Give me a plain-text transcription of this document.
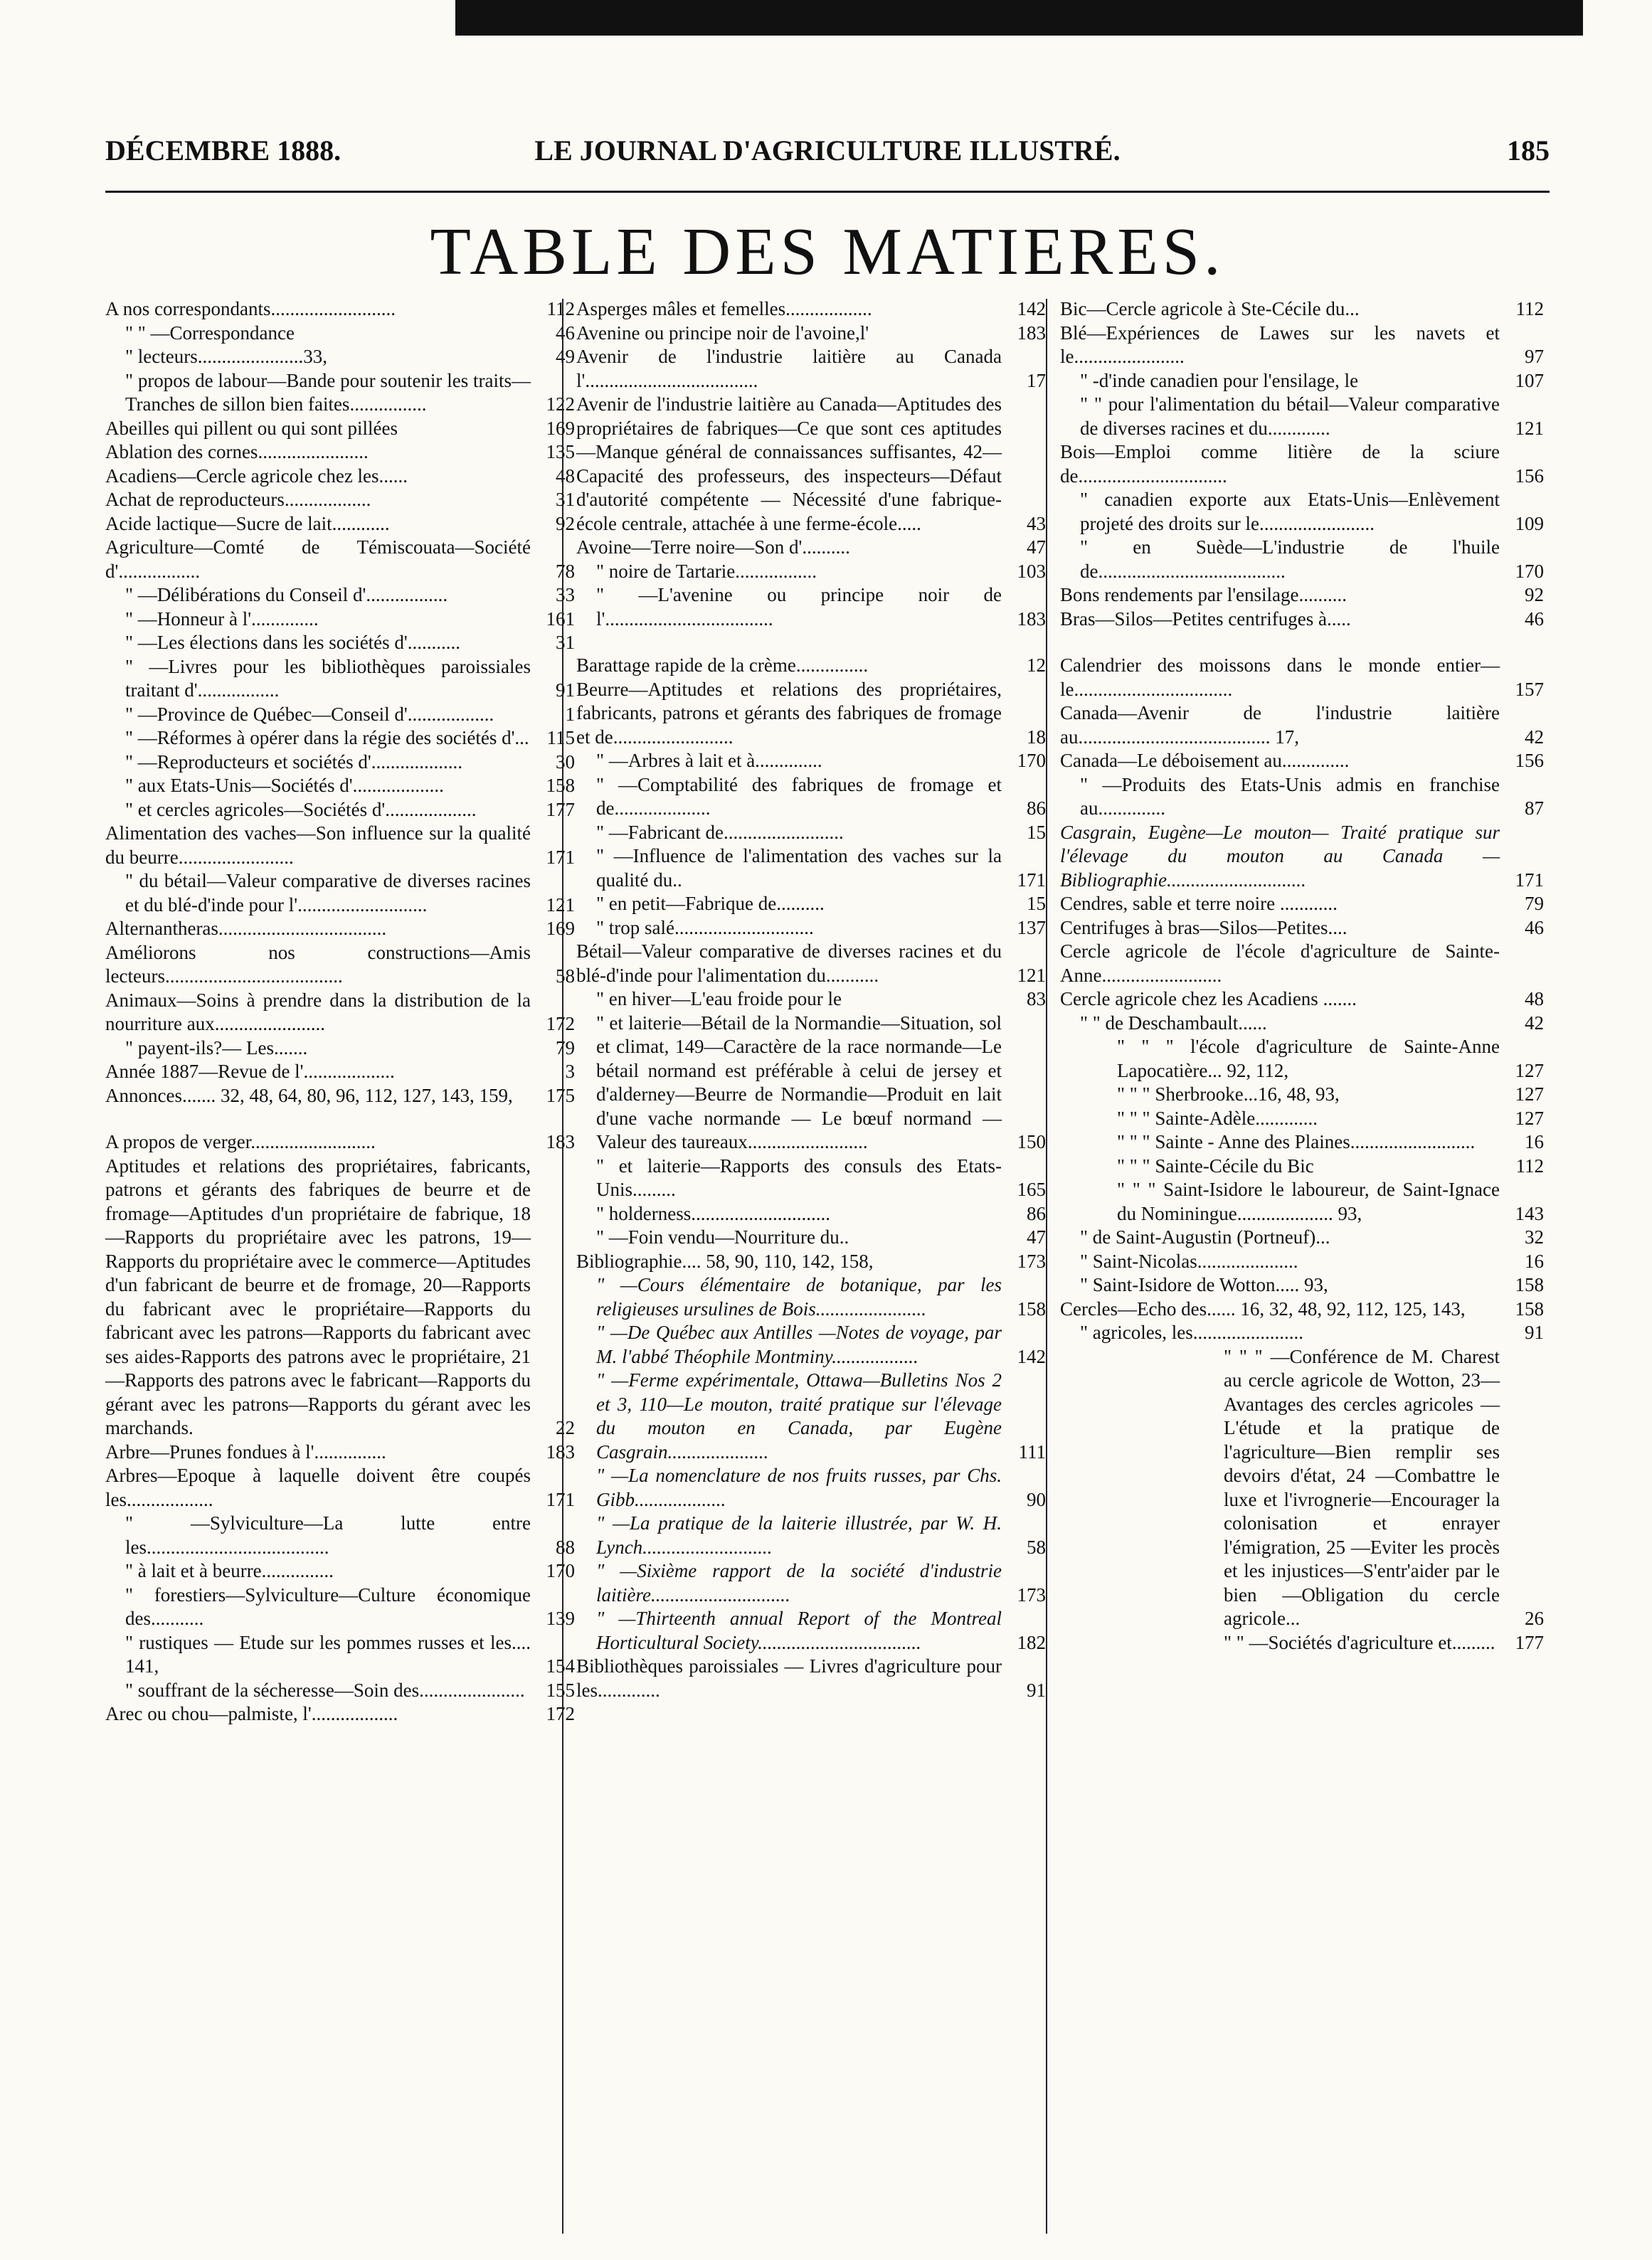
DÉCEMBRE 1888.	LE JOURNAL D'AGRICULTURE ILLUSTRÉ.	185
TABLE DES MATIERES.

A nos correspondants..........................	112

" " —Correspondance	46

" lecteurs......................33,	49

" propos de labour—Bande pour soutenir les traits—Tranches de sillon bien faites................	122

Abeilles qui pillent ou qui sont pillées	169

Ablation des cornes.......................	135

Acadiens—Cercle agricole chez les......	48

Achat de reproducteurs..................	31

Acide lactique—Sucre de lait............	92

Agriculture—Comté de Témiscouata—Société d'.................	78

" —Délibérations du Conseil d'.................	33

" —Honneur à l'..............	161

" —Les élections dans les sociétés d'...........	31

" —Livres pour les bibliothèques paroissiales traitant d'.................	91

" —Province de Québec—Conseil d'..................	1

" —Réformes à opérer dans la régie des sociétés d'... 115

" —Reproducteurs et sociétés d'...................	30

" aux Etats-Unis—Sociétés d'...................	158

" et cercles agricoles—Sociétés d'...................	177

Alimentation des vaches—Son influence sur la qualité du beurre........................	171

" du bétail—Valeur comparative de diverses racines et du blé-d'inde pour l'...........................	121

Alternantheras...................................	169

Améliorons nos constructions—Amis lecteurs.....................................	58

Animaux—Soins à prendre dans la distribution de la nourriture aux.......................	172

" payent-ils?— Les.......	79

Année 1887—Revue de l'...................	3

Annonces....... 32, 48, 64, 80, 96, 112, 127, 143, 159, 175

A propos de verger..........................	183

Aptitudes et relations des propriétaires, fabricants, patrons et gérants des fabriques de beurre et de fromage—Aptitudes d'un propriétaire de fabrique, 18—Rapports du propriétaire avec les patrons, 19—Rapports du propriétaire avec le commerce—Aptitudes d'un fabricant de beurre et de fromage, 20—Rapports du fabricant avec le propriétaire—Rapports du fabricant avec les patrons—Rapports du fabricant avec ses aides-Rapports des patrons avec le propriétaire, 21—Rapports des patrons avec le fabricant—Rapports du gérant avec les patrons—Rapports du gérant avec les marchands.	22

Arbre—Prunes fondues à l'...............	183

Arbres—Epoque à laquelle doivent être coupés les..................	171

" —Sylviculture—La lutte entre les......................................	88

" à lait et à beurre...............	170

" forestiers—Sylviculture—Culture économique des...........	139

" rustiques — Etude sur les pommes russes et les.... 141,	154

" souffrant de la sécheresse—Soin des...................... 155

Arec ou chou—palmiste, l'..................	172

Asperges mâles et femelles..................	142

Avenine ou principe noir de l'avoine,l'	183

Avenir de l'industrie laitière au Canada l'....................................	17

Avenir de l'industrie laitière au Canada—Aptitudes des propriétaires de fabriques—Ce que sont ces aptitudes—Manque général de connaissances suffisantes, 42—Capacité des professeurs, des inspecteurs—Défaut d'autorité compétente — Nécessité d'une fabrique-école centrale, attachée à une ferme-école.....	43

Avoine—Terre noire—Son d'..........	47

" noire de Tartarie.................	103

" —L'avenine ou principe noir de l'...................................	183

Barattage rapide de la crème...............	12

Beurre—Aptitudes et relations des propriétaires, fabricants, patrons et gérants des fabriques de fromage et de.........................	18

" —Arbres à lait et à..............	170

" —Comptabilité des fabriques de fromage et de....................	86

" —Fabricant de.........................	15

" —Influence de l'alimentation des vaches sur la qualité du..	171

" en petit—Fabrique de..........	15

" trop salé.............................	137

Bétail—Valeur comparative de diverses racines et du blé-d'inde pour l'alimentation du...........	121

" en hiver—L'eau froide pour le	83

" et laiterie—Bétail de la Normandie—Situation, sol et climat, 149—Caractère de la race normande—Le bétail normand est préférable à celui de jersey et d'alderney—Beurre de Normandie—Produit en lait d'une vache normande — Le bœuf normand — Valeur des taureaux.........................	150

" et laiterie—Rapports des consuls des Etats-Unis.........	165

" holderness.............................	86

" —Foin vendu—Nourriture du..	47

Bibliographie.... 58, 90, 110, 142, 158,	173

" —Cours élémentaire de botanique, par les religieuses ursulines de Bois.......................	158

" —De Québec aux Antilles —Notes de voyage, par M. l'abbé Théophile Montminy..................	142

" —Ferme expérimentale, Ottawa—Bulletins Nos 2 et 3, 110—Le mouton, traité pratique sur l'élevage du mouton en Canada, par Eugène Casgrain.....................	111

" —La nomenclature de nos fruits russes, par Chs. Gibb...................	90

" —La pratique de la laiterie illustrée, par W. H. Lynch...........................	58

" —Sixième rapport de la société d'industrie laitière.............................	173

" —Thirteenth annual Report of the Montreal Horticultural Society..................................	182

Bibliothèques paroissiales — Livres d'agriculture pour les.............	91

Bic—Cercle agricole à Ste-Cécile du...	112

Blé—Expériences de Lawes sur les navets et le.......................	97

" -d'inde canadien pour l'ensilage, le	107

" " pour l'alimentation du bétail—Valeur comparative de diverses racines et du.............	121

Bois—Emploi comme litière de la sciure de...............................	156

" canadien exporte aux Etats-Unis—Enlèvement projeté des droits sur le........................	109

" en Suède—L'industrie de l'huile de.......................................	170

Bons rendements par l'ensilage..........	92

Bras—Silos—Petites centrifuges à.....	46

Calendrier des moissons dans le monde entier—le.................................	157

Canada—Avenir de l'industrie laitière au........................................ 17,	42

Canada—Le déboisement au..............	156

" —Produits des Etats-Unis admis en franchise au..............	87

Casgrain, Eugène—Le mouton— Traité pratique sur l'élevage du mouton au Canada — Bibliographie.............................	171

Cendres, sable et terre noire ............	79

Centrifuges à bras—Silos—Petites....	46

Cercle agricole de l'école d'agriculture de Sainte-Anne.........................

Cercle agricole chez les Acadiens .......	48

" " de Deschambault......	42

" " " l'école d'agriculture de Sainte-Anne Lapocatière... 92, 112,	127

" " " Sherbrooke...16, 48, 93,	127

" " " Sainte-Adèle.............	127

" " " Sainte - Anne des Plaines..........................	16

" " " Sainte-Cécile du Bic	112

" " " Saint-Isidore le laboureur, de Saint-Ignace du Nominingue.................... 93,	143

" de Saint-Augustin (Portneuf)...	32

" Saint-Nicolas.....................	16

" Saint-Isidore de Wotton..... 93,	158

Cercles—Echo des...... 16, 32, 48, 92, 112, 125, 143,	158

" agricoles, les.......................	91

" " " —Conférence de M. Charest au cercle agricole de Wotton, 23—Avantages des cercles agricoles —L'étude et la pratique de l'agriculture—Bien remplir ses devoirs d'état, 24 —Combattre le luxe et l'ivrognerie—Encourager la colonisation et enrayer l'émigration, 25 —Eviter les procès et les injustices—S'entr'aider par le bien —Obligation du cercle agricole...	26

" " —Sociétés d'agriculture et......... 177
